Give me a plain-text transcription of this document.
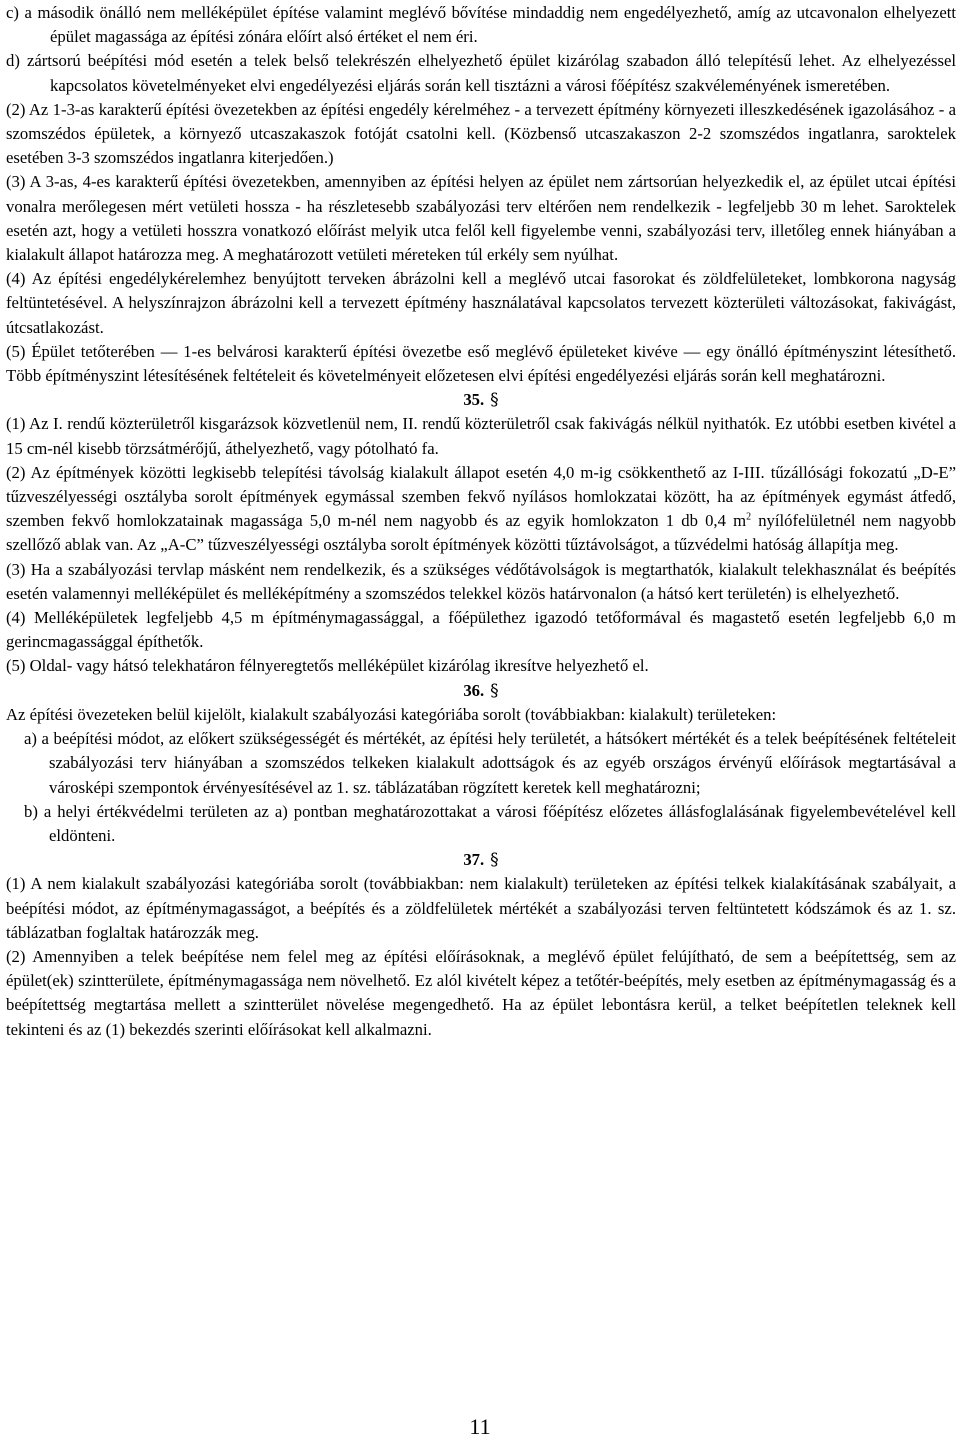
c) a második önálló nem melléképület építése valamint meglévő bővítése mindaddig nem engedélyezhető, amíg az utcavonalon elhelyezett épület magassága az építési zónára előírt alsó értéket el nem éri.

d) zártsorú beépítési mód esetén a telek belső telekrészén elhelyezhető épület kizárólag szabadon álló telepítésű lehet. Az elhelyezéssel kapcsolatos követelményeket elvi engedélyezési eljárás során kell tisztázni a városi főépítész szakvéleményének ismeretében.

(2) Az 1-3-as karakterű építési övezetekben az építési engedély kérelméhez - a tervezett építmény környezeti illeszkedésének igazolásához - a szomszédos épületek, a környező utcaszakaszok fotóját csatolni kell. (Közbenső utcaszakaszon 2-2 szomszédos ingatlanra, saroktelek esetében 3-3 szomszédos ingatlanra kiterjedően.)

(3) A 3-as, 4-es karakterű építési övezetekben, amennyiben az építési helyen az épület nem zártsorúan helyezkedik el, az épület utcai építési vonalra merőlegesen mért vetületi hossza - ha részletesebb szabályozási terv eltérően nem rendelkezik - legfeljebb 30 m lehet. Saroktelek esetén azt, hogy a vetületi hosszra vonatkozó előírást melyik utca felől kell figyelembe venni, szabályozási terv, illetőleg ennek hiányában a kialakult állapot határozza meg. A meghatározott vetületi méreteken túl erkély sem nyúlhat.

(4) Az építési engedélykérelemhez benyújtott terveken ábrázolni kell a meglévő utcai fasorokat és zöldfelületeket, lombkorona nagyság feltüntetésével. A helyszínrajzon ábrázolni kell a tervezett építmény használatával kapcsolatos tervezett közterületi változásokat, fakivágást, útcsatlakozást.

(5) Épület tetőterében — 1-es belvárosi karakterű építési övezetbe eső meglévő épületeket kivéve — egy önálló építményszint létesíthető. Több építményszint létesítésének feltételeit és követelményeit előzetesen elvi építési engedélyezési eljárás során kell meghatározni.

35. §

(1) Az I. rendű közterületről kisgarázsok közvetlenül nem, II. rendű közterületről csak fakivágás nélkül nyithatók. Ez utóbbi esetben kivétel a 15 cm-nél kisebb törzsátmérőjű, áthelyezhető, vagy pótolható fa.

(2) Az építmények közötti legkisebb telepítési távolság kialakult állapot esetén 4,0 m-ig csökkenthető az I-III. tűzállósági fokozatú „D-E” tűzveszélyességi osztályba sorolt építmények egymással szemben fekvő nyílásos homlokzatai között, ha az építmények egymást átfedő, szemben fekvő homlokzatainak magassága 5,0 m-nél nem nagyobb és az egyik homlokzaton 1 db 0,4 $m^2$ nyílófelületnél nem nagyobb szellőző ablak van. Az „A-C” tűzveszélyességi osztályba sorolt építmények közötti tűztávolságot, a tűzvédelmi hatóság állapítja meg.

(3) Ha a szabályozási tervlap másként nem rendelkezik, és a szükséges védőtávolságok is megtarthatók, kialakult telekhasználat és beépítés esetén valamennyi melléképület és melléképítmény a szomszédos telekkel közös határvonalon (a hátsó kert területén) is elhelyezhető.

(4) Melléképületek legfeljebb 4,5 m építménymagassággal, a főépülethez igazodó tetőformával és magastető esetén legfeljebb 6,0 m gerincmagassággal építhetők.

(5) Oldal- vagy hátsó telekhatáron félnyeregtetős melléképület kizárólag ikresítve helyezhető el.

36. §

Az építési övezeteken belül kijelölt, kialakult szabályozási kategóriába sorolt (továbbiakban: kialakult) területeken:

a) a beépítési módot, az előkert szükségességét és mértékét, az építési hely területét, a hátsókert mértékét és a telek beépítésének feltételeit szabályozási terv hiányában a szomszédos telkeken kialakult adottságok és az egyéb országos érvényű előírások megtartásával a városképi szempontok érvényesítésével az 1. sz. táblázatában rögzített keretek kell meghatározni;

b) a helyi értékvédelmi területen az a) pontban meghatározottakat a városi főépítész előzetes állásfoglalásának figyelembevételével kell eldönteni.

37. §

(1) A nem kialakult szabályozási kategóriába sorolt (továbbiakban: nem kialakult) területeken az építési telkek kialakításának szabályait, a beépítési módot, az építménymagasságot, a beépítés és a zöldfelületek mértékét a szabályozási terven feltüntetett kódszámok és az 1. sz. táblázatban foglaltak határozzák meg.

(2) Amennyiben a telek beépítése nem felel meg az építési előírásoknak, a meglévő épület felújítható, de sem a beépítettség, sem az épület(ek) szintterülete, építménymagassága nem növelhető. Ez alól kivételt képez a tetőtér-beépítés, mely esetben az építménymagasság és a beépítettség megtartása mellett a szintterület növelése megengedhető. Ha az épület lebontásra kerül, a telket beépítetlen teleknek kell tekinteni és az (1) bekezdés szerinti előírásokat kell alkalmazni.

11
